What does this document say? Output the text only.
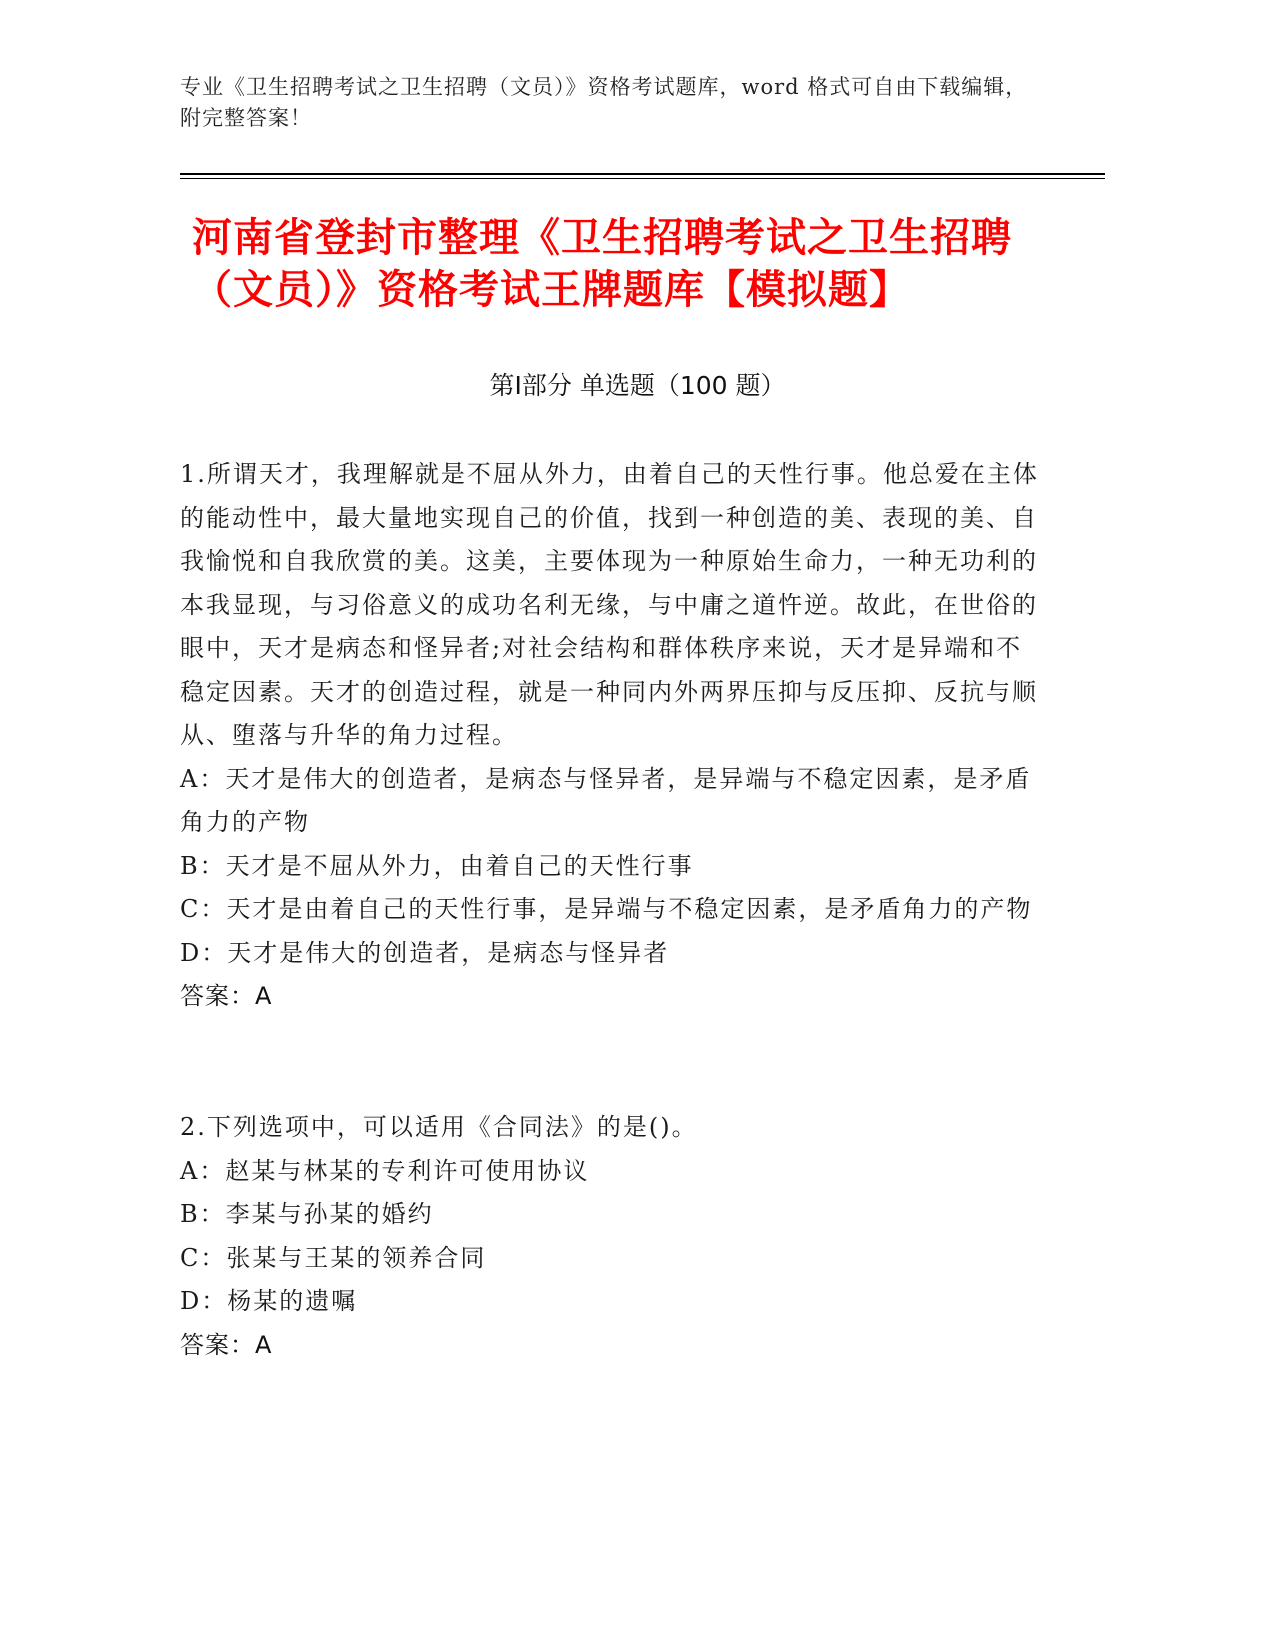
专业《卫生招聘考试之卫生招聘（文员）》资格考试题库，word 格式可自由下载编辑，附完整答案！
河南省登封市整理《卫生招聘考试之卫生招聘（文员）》资格考试王牌题库【模拟题】
第Ⅰ部分 单选题（100 题）

1.所谓天才，我理解就是不屈从外力，由着自己的天性行事。他总爱在主体的能动性中，最大量地实现自己的价值，找到一种创造的美、表现的美、自我愉悦和自我欣赏的美。这美，主要体现为一种原始生命力，一种无功利的本我显现，与习俗意义的成功名利无缘，与中庸之道忤逆。故此，在世俗的眼中，天才是病态和怪异者;对社会结构和群体秩序来说，天才是异端和不稳定因素。天才的创造过程，就是一种同内外两界压抑与反压抑、反抗与顺从、堕落与升华的角力过程。

A：天才是伟大的创造者，是病态与怪异者，是异端与不稳定因素，是矛盾角力的产物

B：天才是不屈从外力，由着自己的天性行事

C：天才是由着自己的天性行事，是异端与不稳定因素，是矛盾角力的产物

D：天才是伟大的创造者，是病态与怪异者

答案：A

2.下列选项中，可以适用《合同法》的是()。

A：赵某与林某的专利许可使用协议

B：李某与孙某的婚约

C：张某与王某的领养合同

D：杨某的遗嘱

答案：A
